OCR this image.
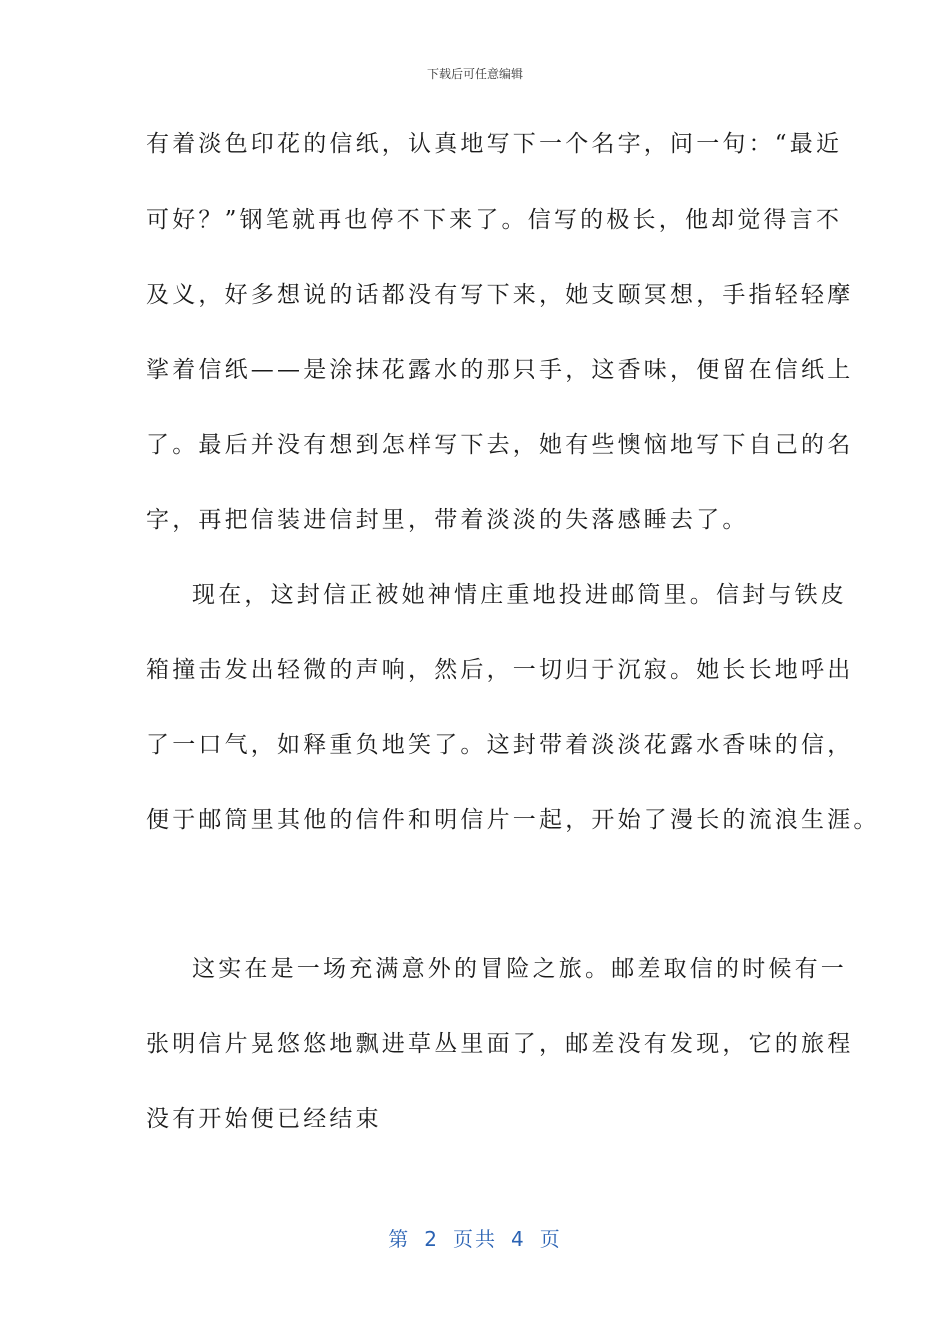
下载后可任意编辑
有着淡色印花的信纸，认真地写下一个名字，问一句：“最近
可好？”钢笔就再也停不下来了。信写的极长，他却觉得言不
及义，好多想说的话都没有写下来，她支颐冥想，手指轻轻摩
挲着信纸——是涂抹花露水的那只手，这香味，便留在信纸上
了。最后并没有想到怎样写下去，她有些懊恼地写下自己的名
字，再把信装进信封里，带着淡淡的失落感睡去了。
现在，这封信正被她神情庄重地投进邮筒里。信封与铁皮
箱撞击发出轻微的声响，然后，一切归于沉寂。她长长地呼出
了一口气，如释重负地笑了。这封带着淡淡花露水香味的信，
便于邮筒里其他的信件和明信片一起，开始了漫长的流浪生涯。
这实在是一场充满意外的冒险之旅。邮差取信的时候有一
张明信片晃悠悠地飘进草丛里面了，邮差没有发现，它的旅程
没有开始便已经结束
第 2 页共 4 页
